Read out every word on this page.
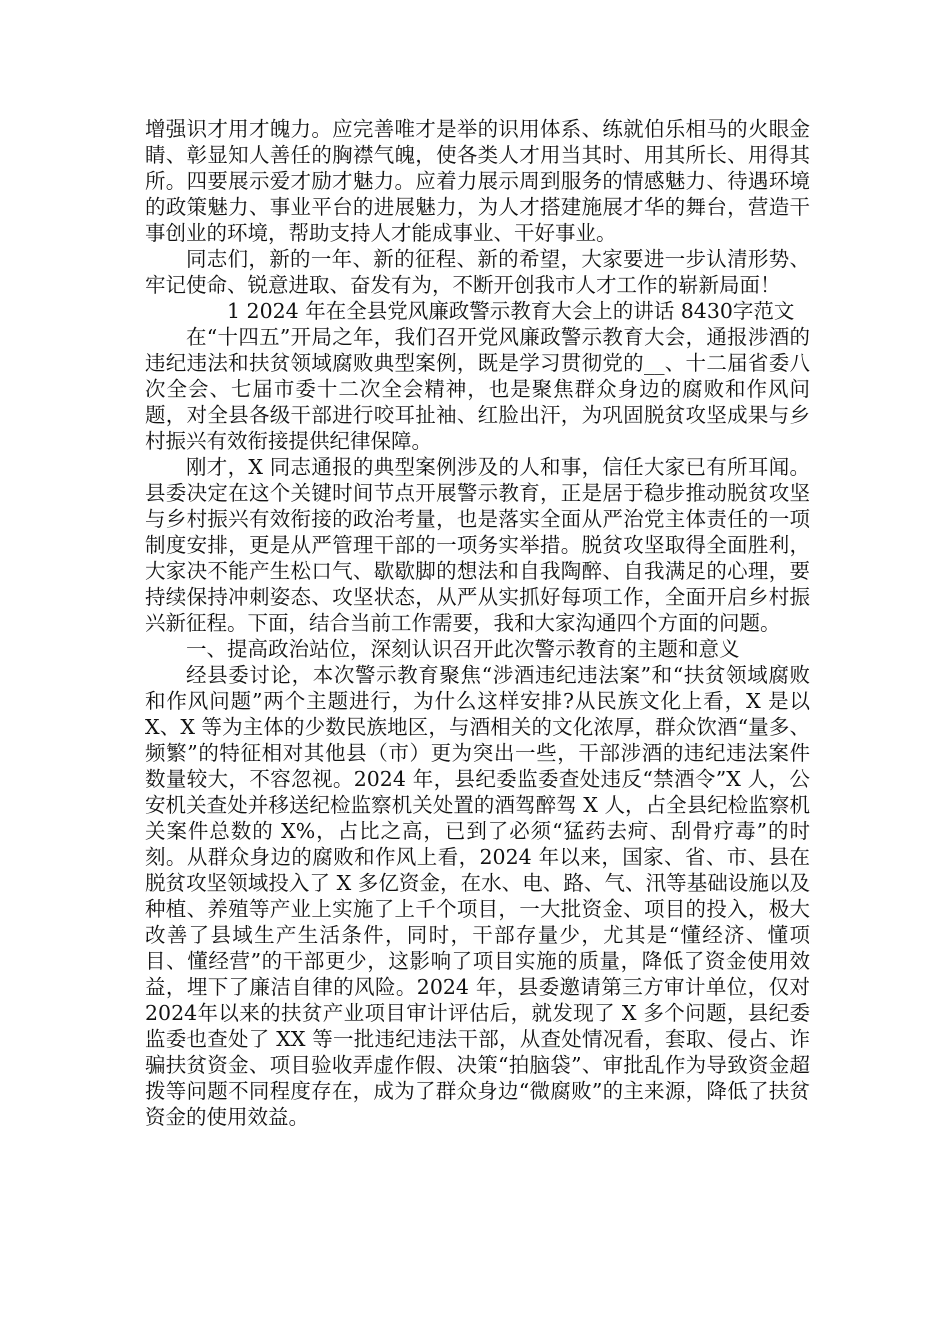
增强识才用才魄力。应完善唯才是举的识用体系、练就伯乐相马的火眼金睛、彰显知人善任的胸襟气魄，使各类人才用当其时、用其所长、用得其所。四要展示爱才励才魅力。应着力展示周到服务的情感魅力、待遇环境的政策魅力、事业平台的进展魅力，为人才搭建施展才华的舞台，营造干事创业的环境，帮助支持人才能成事业、干好事业。

同志们，新的一年、新的征程、新的希望，大家要进一步认清形势、牢记使命、锐意进取、奋发有为，不断开创我市人才工作的崭新局面！

1 2024 年在全县党风廉政警示教育大会上的讲话 8430字范文

在“十四五”开局之年，我们召开党风廉政警示教育大会，通报涉酒的违纪违法和扶贫领域腐败典型案例，既是学习贯彻党的__、十二届省委八次全会、七届市委十二次全会精神，也是聚焦群众身边的腐败和作风问题，对全县各级干部进行咬耳扯袖、红脸出汗，为巩固脱贫攻坚成果与乡村振兴有效衔接提供纪律保障。

刚才，X 同志通报的典型案例涉及的人和事，信任大家已有所耳闻。县委决定在这个关键时间节点开展警示教育，正是居于稳步推动脱贫攻坚与乡村振兴有效衔接的政治考量，也是落实全面从严治党主体责任的一项制度安排，更是从严管理干部的一项务实举措。脱贫攻坚取得全面胜利，大家决不能产生松口气、歇歇脚的想法和自我陶醉、自我满足的心理，要持续保持冲刺姿态、攻坚状态，从严从实抓好每项工作，全面开启乡村振兴新征程。下面，结合当前工作需要，我和大家沟通四个方面的问题。

一、提高政治站位，深刻认识召开此次警示教育的主题和意义

经县委讨论，本次警示教育聚焦“涉酒违纪违法案”和“扶贫领域腐败和作风问题”两个主题进行，为什么这样安排?从民族文化上看，X 是以 X、X 等为主体的少数民族地区，与酒相关的文化浓厚，群众饮酒“量多、频繁”的特征相对其他县（市）更为突出一些，干部涉酒的违纪违法案件数量较大，不容忽视。2024 年，县纪委监委查处违反“禁酒令”X 人，公安机关查处并移送纪检监察机关处置的酒驾醉驾 X 人，占全县纪检监察机关案件总数的 X%，占比之高，已到了必须“猛药去疴、刮骨疗毒”的时刻。从群众身边的腐败和作风上看，2024 年以来，国家、省、市、县在脱贫攻坚领域投入了 X 多亿资金，在水、电、路、气、汛等基础设施以及种植、养殖等产业上实施了上千个项目，一大批资金、项目的投入，极大改善了县域生产生活条件，同时，干部存量少，尤其是“懂经济、懂项目、懂经营”的干部更少，这影响了项目实施的质量，降低了资金使用效益，埋下了廉洁自律的风险。2024 年，县委邀请第三方审计单位，仅对 2024年以来的扶贫产业项目审计评估后，就发现了 X 多个问题，县纪委监委也查处了 XX 等一批违纪违法干部，从查处情况看，套取、侵占、诈骗扶贫资金、项目验收弄虚作假、决策“拍脑袋”、审批乱作为导致资金超拨等问题不同程度存在，成为了群众身边“微腐败”的主来源，降低了扶贫资金的使用效益。
